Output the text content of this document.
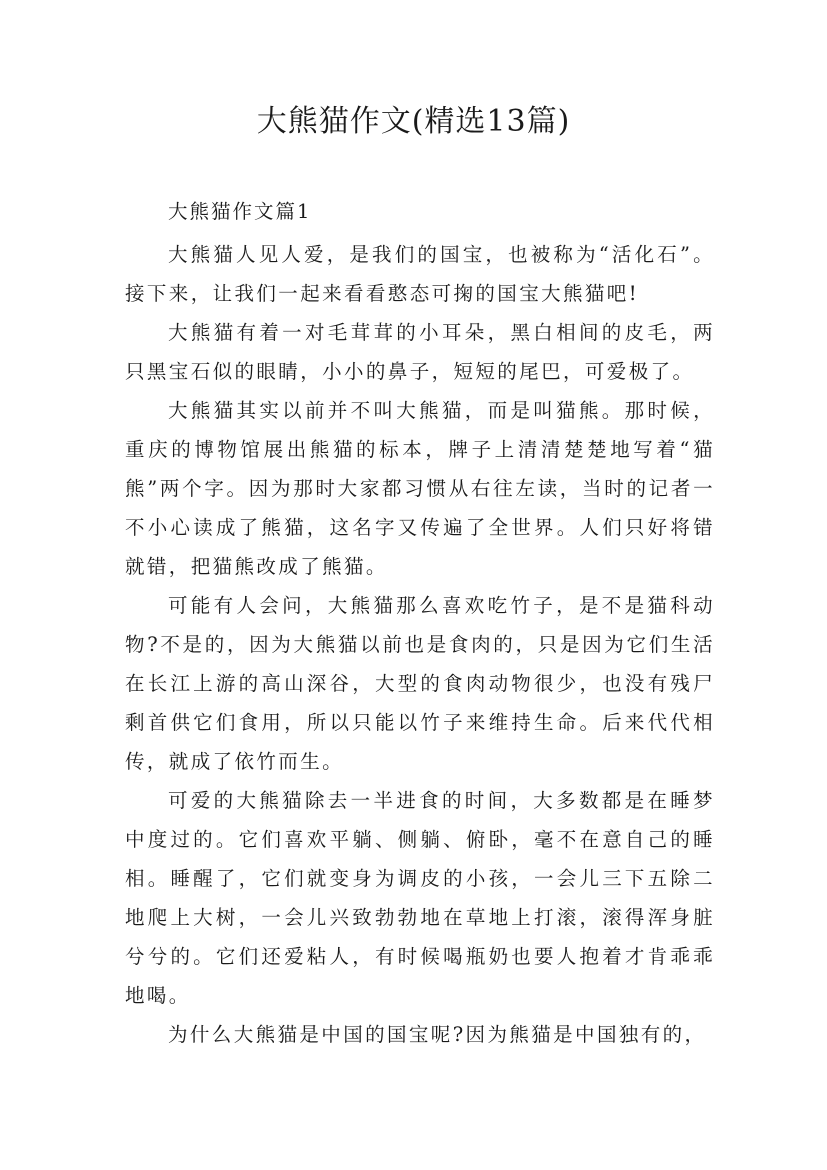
大熊猫作文(精选13篇)
大熊猫作文篇1

大熊猫人见人爱，是我们的国宝，也被称为“活化石”。接下来，让我们一起来看看憨态可掬的国宝大熊猫吧!

大熊猫有着一对毛茸茸的小耳朵，黑白相间的皮毛，两只黑宝石似的眼睛，小小的鼻子，短短的尾巴，可爱极了。

大熊猫其实以前并不叫大熊猫，而是叫猫熊。那时候，重庆的博物馆展出熊猫的标本，牌子上清清楚楚地写着“猫熊”两个字。因为那时大家都习惯从右往左读，当时的记者一不小心读成了熊猫，这名字又传遍了全世界。人们只好将错就错，把猫熊改成了熊猫。

可能有人会问，大熊猫那么喜欢吃竹子，是不是猫科动物?不是的，因为大熊猫以前也是食肉的，只是因为它们生活在长江上游的高山深谷，大型的食肉动物很少，也没有残尸剩首供它们食用，所以只能以竹子来维持生命。后来代代相传，就成了依竹而生。

可爱的大熊猫除去一半进食的时间，大多数都是在睡梦中度过的。它们喜欢平躺、侧躺、俯卧，毫不在意自己的睡相。睡醒了，它们就变身为调皮的小孩，一会儿三下五除二地爬上大树，一会儿兴致勃勃地在草地上打滚，滚得浑身脏兮兮的。它们还爱粘人，有时候喝瓶奶也要人抱着才肯乖乖地喝。

为什么大熊猫是中国的国宝呢?因为熊猫是中国独有的，
